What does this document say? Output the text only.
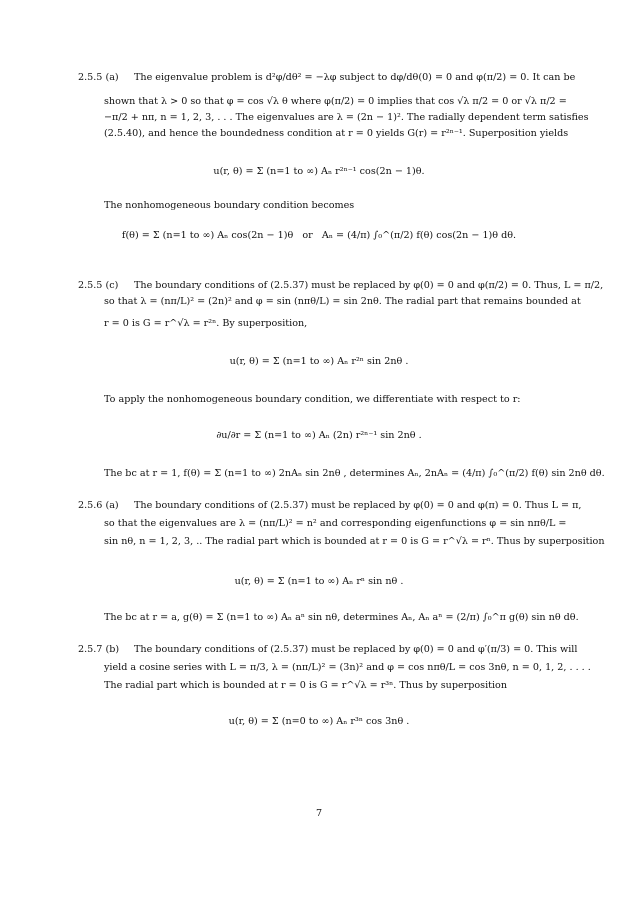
2.5.5 (a) The eigenvalue problem is d²φ/dθ² = −λφ subject to dφ/dθ(0) = 0 and φ(π/2) = 0. It can be
shown that λ > 0 so that φ = cos √λ θ where φ(π/2) = 0 implies that cos √λ π/2 = 0 or √λ π/2 =
−π/2 + nπ, n = 1, 2, 3, . . . The eigenvalues are λ = (2n − 1)². The radially dependent term satisfies
(2.5.40), and hence the boundedness condition at r = 0 yields G(r) = r²ⁿ⁻¹. Superposition yields
u(r, θ) = Σ (n=1 to ∞) Aₙ r²ⁿ⁻¹ cos(2n − 1)θ.
The nonhomogeneous boundary condition becomes
f(θ) = Σ (n=1 to ∞) Aₙ cos(2n − 1)θ   or   Aₙ = (4/π) ∫₀^(π/2) f(θ) cos(2n − 1)θ dθ.
2.5.5 (c) The boundary conditions of (2.5.37) must be replaced by φ(0) = 0 and φ(π/2) = 0. Thus, L = π/2,
so that λ = (nπ/L)² = (2n)² and φ = sin (nπθ/L) = sin 2nθ. The radial part that remains bounded at
r = 0 is G = r^√λ = r²ⁿ. By superposition,
u(r, θ) = Σ (n=1 to ∞) Aₙ r²ⁿ sin 2nθ .
To apply the nonhomogeneous boundary condition, we differentiate with respect to r:
∂u/∂r = Σ (n=1 to ∞) Aₙ (2n) r²ⁿ⁻¹ sin 2nθ .
The bc at r = 1, f(θ) = Σ (n=1 to ∞) 2nAₙ sin 2nθ , determines Aₙ, 2nAₙ = (4/π) ∫₀^(π/2) f(θ) sin 2nθ dθ.
2.5.6 (a) The boundary conditions of (2.5.37) must be replaced by φ(0) = 0 and φ(π) = 0. Thus L = π,
so that the eigenvalues are λ = (nπ/L)² = n² and corresponding eigenfunctions φ = sin nπθ/L =
sin nθ, n = 1, 2, 3, .. The radial part which is bounded at r = 0 is G = r^√λ = rⁿ. Thus by superposition
u(r, θ) = Σ (n=1 to ∞) Aₙ rⁿ sin nθ .
The bc at r = a, g(θ) = Σ (n=1 to ∞) Aₙ aⁿ sin nθ, determines Aₙ, Aₙ aⁿ = (2/π) ∫₀^π g(θ) sin nθ dθ.
2.5.7 (b) The boundary conditions of (2.5.37) must be replaced by φ(0) = 0 and φ′(π/3) = 0. This will
yield a cosine series with L = π/3, λ = (nπ/L)² = (3n)² and φ = cos nπθ/L = cos 3nθ, n = 0, 1, 2, . . . .
The radial part which is bounded at r = 0 is G = r^√λ = r³ⁿ. Thus by superposition
u(r, θ) = Σ (n=0 to ∞) Aₙ r³ⁿ cos 3nθ .
7
